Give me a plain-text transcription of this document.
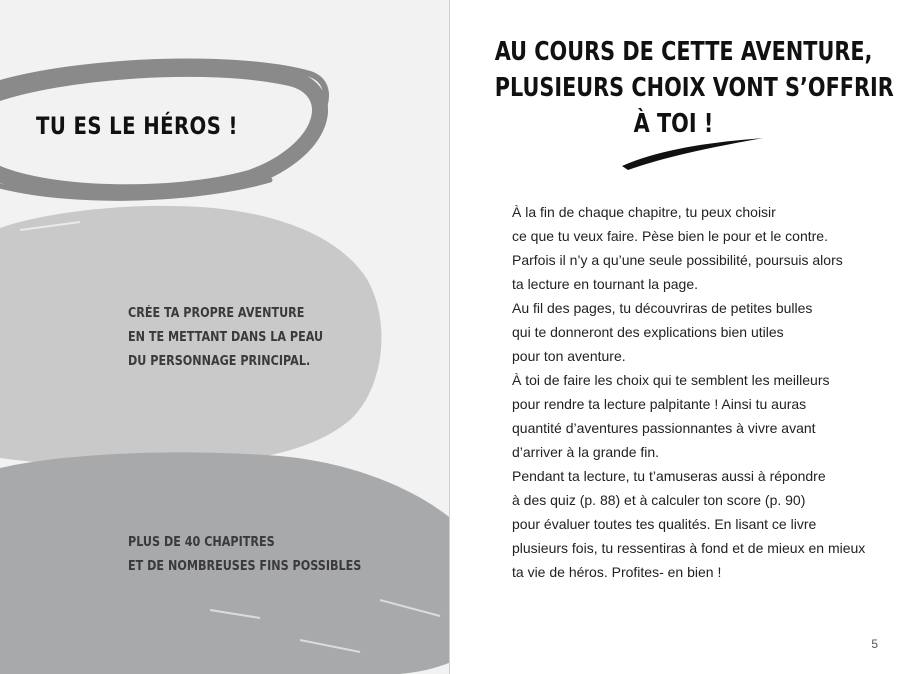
TU ES LE HÉROS !

CRÉE TA PROPRE AVENTURE
EN TE METTANT DANS LA PEAU
DU PERSONNAGE PRINCIPAL.

PLUS DE 40 CHAPITRES
ET DE NOMBREUSES FINS POSSIBLES

AU COURS DE CETTE AVENTURE,
PLUSIEURS CHOIX VONT S’OFFRIR
À TOI !
5
À la fin de chaque chapitre, tu peux choisir
ce que tu veux faire. Pèse bien le pour et le contre.
Parfois il n’y a qu’une seule possibilité, poursuis alors
ta lecture en tournant la page.
Au fil des pages, tu découvriras de petites bulles
qui te donneront des explications bien utiles
pour ton aventure.
À toi de faire les choix qui te semblent les meilleurs
pour rendre ta lecture palpitante ! Ainsi tu auras
quantité d’aventures passionnantes à vivre avant
d’arriver à la grande fin.
Pendant ta lecture, tu t’amuseras aussi à répondre
à des quiz (p. 88) et à calculer ton score (p. 90)
pour évaluer toutes tes qualités. En lisant ce livre
plusieurs fois, tu ressentiras à fond et de mieux en mieux
ta vie de héros. Profites- en bien !
